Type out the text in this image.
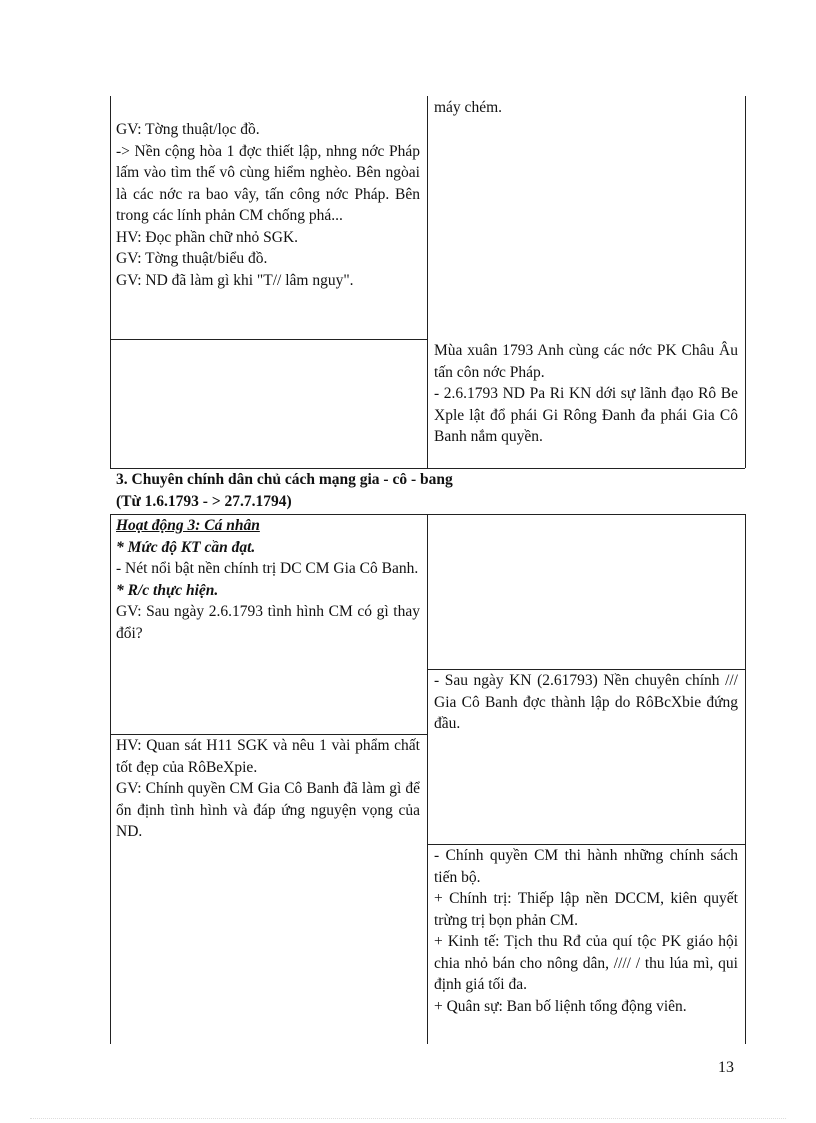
máy chém.

GV: Tờng thuật/lọc đồ.
-> Nền cộng hòa 1 đợc thiết lập, nhng nớc Pháp lấm vào tìm thế vô cùng hiểm nghèo. Bên ngòai là các nớc ra bao vây, tấn công nớc Pháp. Bên trong các lính phản CM chống phá...
HV: Đọc phần chữ nhỏ SGK.
GV: Tờng thuật/biểu đồ.
GV: ND đã làm gì khi "T// lâm nguy".
Mùa xuân 1793 Anh cùng các nớc PK Châu Âu tấn côn nớc Pháp.
- 2.6.1793 ND Pa Ri KN dới sự lãnh đạo Rô Be Xple lật đổ phái Gi Rông Đanh đa phái Gia Cô Banh nắm quyền.
3. Chuyên chính dân chủ cách mạng gia - cô - bang
(Từ 1.6.1793 - > 27.7.1794)
Hoạt động 3: Cá nhân
* Mức độ KT cần đạt.
- Nét nổi bật nền chính trị DC CM Gia Cô Banh.
* R/c thực hiện.
GV: Sau ngày 2.6.1793 tình hình CM có gì thay đổi?

- Sau ngày KN (2.61793) Nền chuyên chính /// Gia Cô Banh đợc thành lập do RôBcXbie đứng đầu.

HV: Quan sát H11 SGK và nêu 1 vài phẩm chất tốt đẹp của RôBeXpie.
GV: Chính quyền CM Gia Cô Banh đã làm gì để ổn định tình hình và đáp ứng nguyện vọng của ND.
- Chính quyền CM thi hành những chính sách tiến bộ.
+ Chính trị: Thiếp lập nền DCCM, kiên quyết trừng trị bọn phản CM.
+ Kinh tế: Tịch thu Rđ của quí tộc PK giáo hội chia nhỏ bán cho nông dân, //// / thu lúa mì, qui định giá tối đa.
+ Quân sự: Ban bố liệnh tổng động viên.
13
